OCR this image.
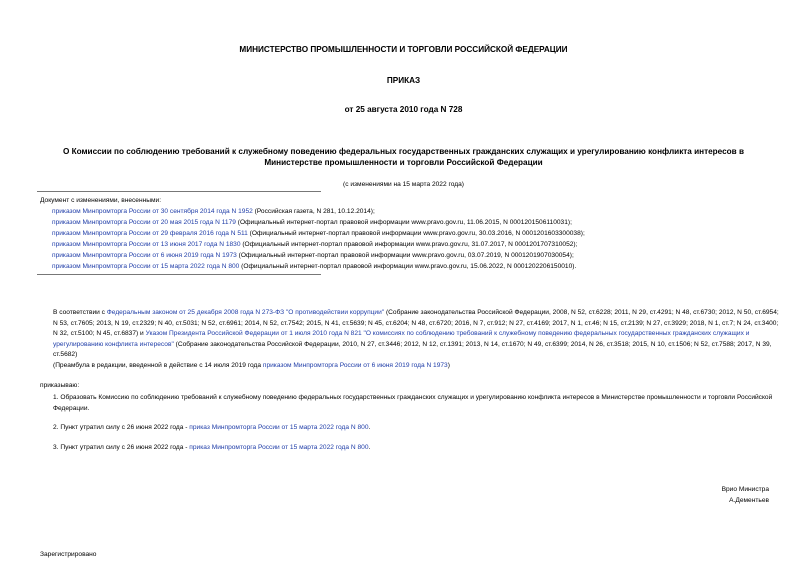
МИНИСТЕРСТВО ПРОМЫШЛЕННОСТИ И ТОРГОВЛИ РОССИЙСКОЙ ФЕДЕРАЦИИ
ПРИКАЗ
от 25 августа 2010 года N 728
О Комиссии по соблюдению требований к служебному поведению федеральных государственных гражданских служащих и урегулированию конфликта интересов в Министерстве промышленности и торговли Российской Федерации
(с изменениями на 15 марта 2022 года)
Документ с изменениями, внесенными:
приказом Минпромторга России от 30 сентября 2014 года N 1952 (Российская газета, N 281, 10.12.2014);
приказом Минпромторга России от 20 мая 2015 года N 1179 (Официальный интернет-портал правовой информации www.pravo.gov.ru, 11.06.2015, N 0001201506110031);
приказом Минпромторга России от 29 февраля 2016 года N 511 (Официальный интернет-портал правовой информации www.pravo.gov.ru, 30.03.2016, N 0001201603300038);
приказом Минпромторга России от 13 июня 2017 года N 1830 (Официальный интернет-портал правовой информации www.pravo.gov.ru, 31.07.2017, N 0001201707310052);
приказом Минпромторга России от 6 июня 2019 года N 1973 (Официальный интернет-портал правовой информации www.pravo.gov.ru, 03.07.2019, N 0001201907030054);
приказом Минпромторга России от 15 марта 2022 года N 800 (Официальный интернет-портал правовой информации www.pravo.gov.ru, 15.06.2022, N 0001202206150010).
В соответствии с Федеральным законом от 25 декабря 2008 года N 273-ФЗ "О противодействии коррупции" (Собрание законодательства Российской Федерации, 2008, N 52, ст.6228; 2011, N 29, ст.4291; N 48, ст.6730; 2012, N 50, ст.6954; N 53, ст.7605; 2013, N 19, ст.2329; N 40, ст.5031; N 52, ст.6961; 2014, N 52, ст.7542; 2015, N 41, ст.5639; N 45, ст.6204; N 48, ст.6720; 2016, N 7, ст.912; N 27, ст.4169; 2017, N 1, ст.46; N 15, ст.2139; N 27, ст.3929; 2018, N 1, ст.7; N 24, ст.3400; N 32, ст.5100; N 45, ст.6837) и Указом Президента Российской Федерации от 1 июля 2010 года N 821 "О комиссиях по соблюдению требований к служебному поведению федеральных государственных гражданских служащих и урегулированию конфликта интересов" (Собрание законодательства Российской Федерации, 2010, N 27, ст.3446; 2012, N 12, ст.1391; 2013, N 14, ст.1670; N 49, ст.6399; 2014, N 26, ст.3518; 2015, N 10, ст.1506; N 52, ст.7588; 2017, N 39, ст.5682)
(Преамбула в редакции, введенной в действие с 14 июля 2019 года приказом Минпромторга России от 6 июня 2019 года N 1973)
приказываю:
1. Образовать Комиссию по соблюдению требований к служебному поведению федеральных государственных гражданских служащих и урегулированию конфликта интересов в Министерстве промышленности и торговли Российской Федерации.
2. Пункт утратил силу с 26 июня 2022 года - приказ Минпромторга России от 15 марта 2022 года N 800.
3. Пункт утратил силу с 26 июня 2022 года - приказ Минпромторга России от 15 марта 2022 года N 800.
Врио Министра
А.Дементьев
Зарегистрировано
